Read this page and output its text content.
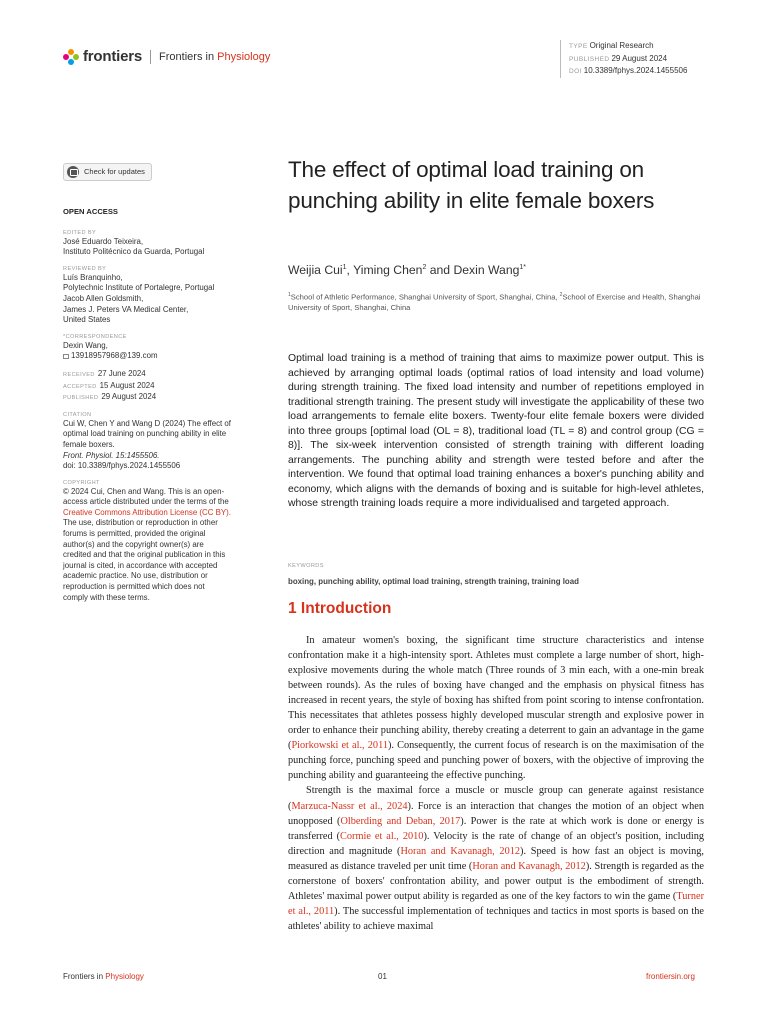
frontiers Frontiers in Physiology
TYPE Original Research
PUBLISHED 29 August 2024
DOI 10.3389/fphys.2024.1455506
Check for updates
OPEN ACCESS
EDITED BY
José Eduardo Teixeira,
Instituto Politécnico da Guarda, Portugal
REVIEWED BY
Luís Branquinho,
Polytechnic Institute of Portalegre, Portugal
Jacob Allen Goldsmith,
James J. Peters VA Medical Center,
United States
*CORRESPONDENCE
Dexin Wang,
13918957968@139.com
RECEIVED 27 June 2024
ACCEPTED 15 August 2024
PUBLISHED 29 August 2024
CITATION
Cui W, Chen Y and Wang D (2024) The effect of
optimal load training on punching ability in elite
female boxers.
Front. Physiol. 15:1455506.
doi: 10.3389/fphys.2024.1455506
COPYRIGHT
© 2024 Cui, Chen and Wang. This is an open-
access article distributed under the terms of the
Creative Commons Attribution License (CC BY).
The use, distribution or reproduction in other
forums is permitted, provided the original
author(s) and the copyright owner(s) are
credited and that the original publication in this
journal is cited, in accordance with accepted
academic practice. No use, distribution or
reproduction is permitted which does not
comply with these terms.
The effect of optimal load training on punching ability in elite female boxers
Weijia Cui$^1$, Yiming Chen$^2$ and Dexin Wang$^{1*}$
$^1$School of Athletic Performance, Shanghai University of Sport, Shanghai, China, $^2$School of Exercise and Health, Shanghai University of Sport, Shanghai, China

Optimal load training is a method of training that aims to maximize power output. This is achieved by arranging optimal loads (optimal ratios of load intensity and load volume) during strength training. The fixed load intensity and number of repetitions employed in traditional strength training. The present study will investigate the applicability of these two load arrangements to female elite boxers. Twenty-four elite female boxers were divided into three groups [optimal load (OL = 8), traditional load (TL = 8) and control group (CG = 8)]. The six-week intervention consisted of strength training with different loading arrangements. The punching ability and strength were tested before and after the intervention. We found that optimal load training enhances a boxer's punching ability and economy, which aligns with the demands of boxing and is suitable for high-level athletes, whose strength training loads require a more individualised and targeted approach.

KEYWORDS
boxing, punching ability, optimal load training, strength training, training load
1 Introduction

In amateur women's boxing, the significant time structure characteristics and intense confrontation make it a high-intensity sport. Athletes must complete a large number of short, high-explosive movements during the whole match (Three rounds of 3 min each, with a one-min break between rounds). As the rules of boxing have changed and the emphasis on physical fitness has increased in recent years, the style of boxing has shifted from point scoring to intense confrontation. This necessitates that athletes possess highly developed muscular strength and explosive power in order to enhance their punching ability, thereby creating a deterrent to gain an advantage in the game (Piorkowski et al., 2011). Consequently, the current focus of research is on the maximisation of the punching force, punching speed and punching power of boxers, with the objective of improving the punching ability and guaranteeing the effective punching.

Strength is the maximal force a muscle or muscle group can generate against resistance (Marzuca-Nassr et al., 2024). Force is an interaction that changes the motion of an object when unopposed (Olberding and Deban, 2017). Power is the rate at which work is done or energy is transferred (Cormie et al., 2010). Velocity is the rate of change of an object's position, including direction and magnitude (Horan and Kavanagh, 2012). Speed is how fast an object is moving, measured as distance traveled per unit time (Horan and Kavanagh, 2012). Strength is regarded as the cornerstone of boxers' confrontation ability, and power output is the embodiment of strength. Athletes' maximal power output ability is regarded as one of the key factors to win the game (Turner et al., 2011). The successful implementation of techniques and tactics in most sports is based on the athletes' ability to achieve maximal

Frontiers in Physiology	01	frontiersin.org
